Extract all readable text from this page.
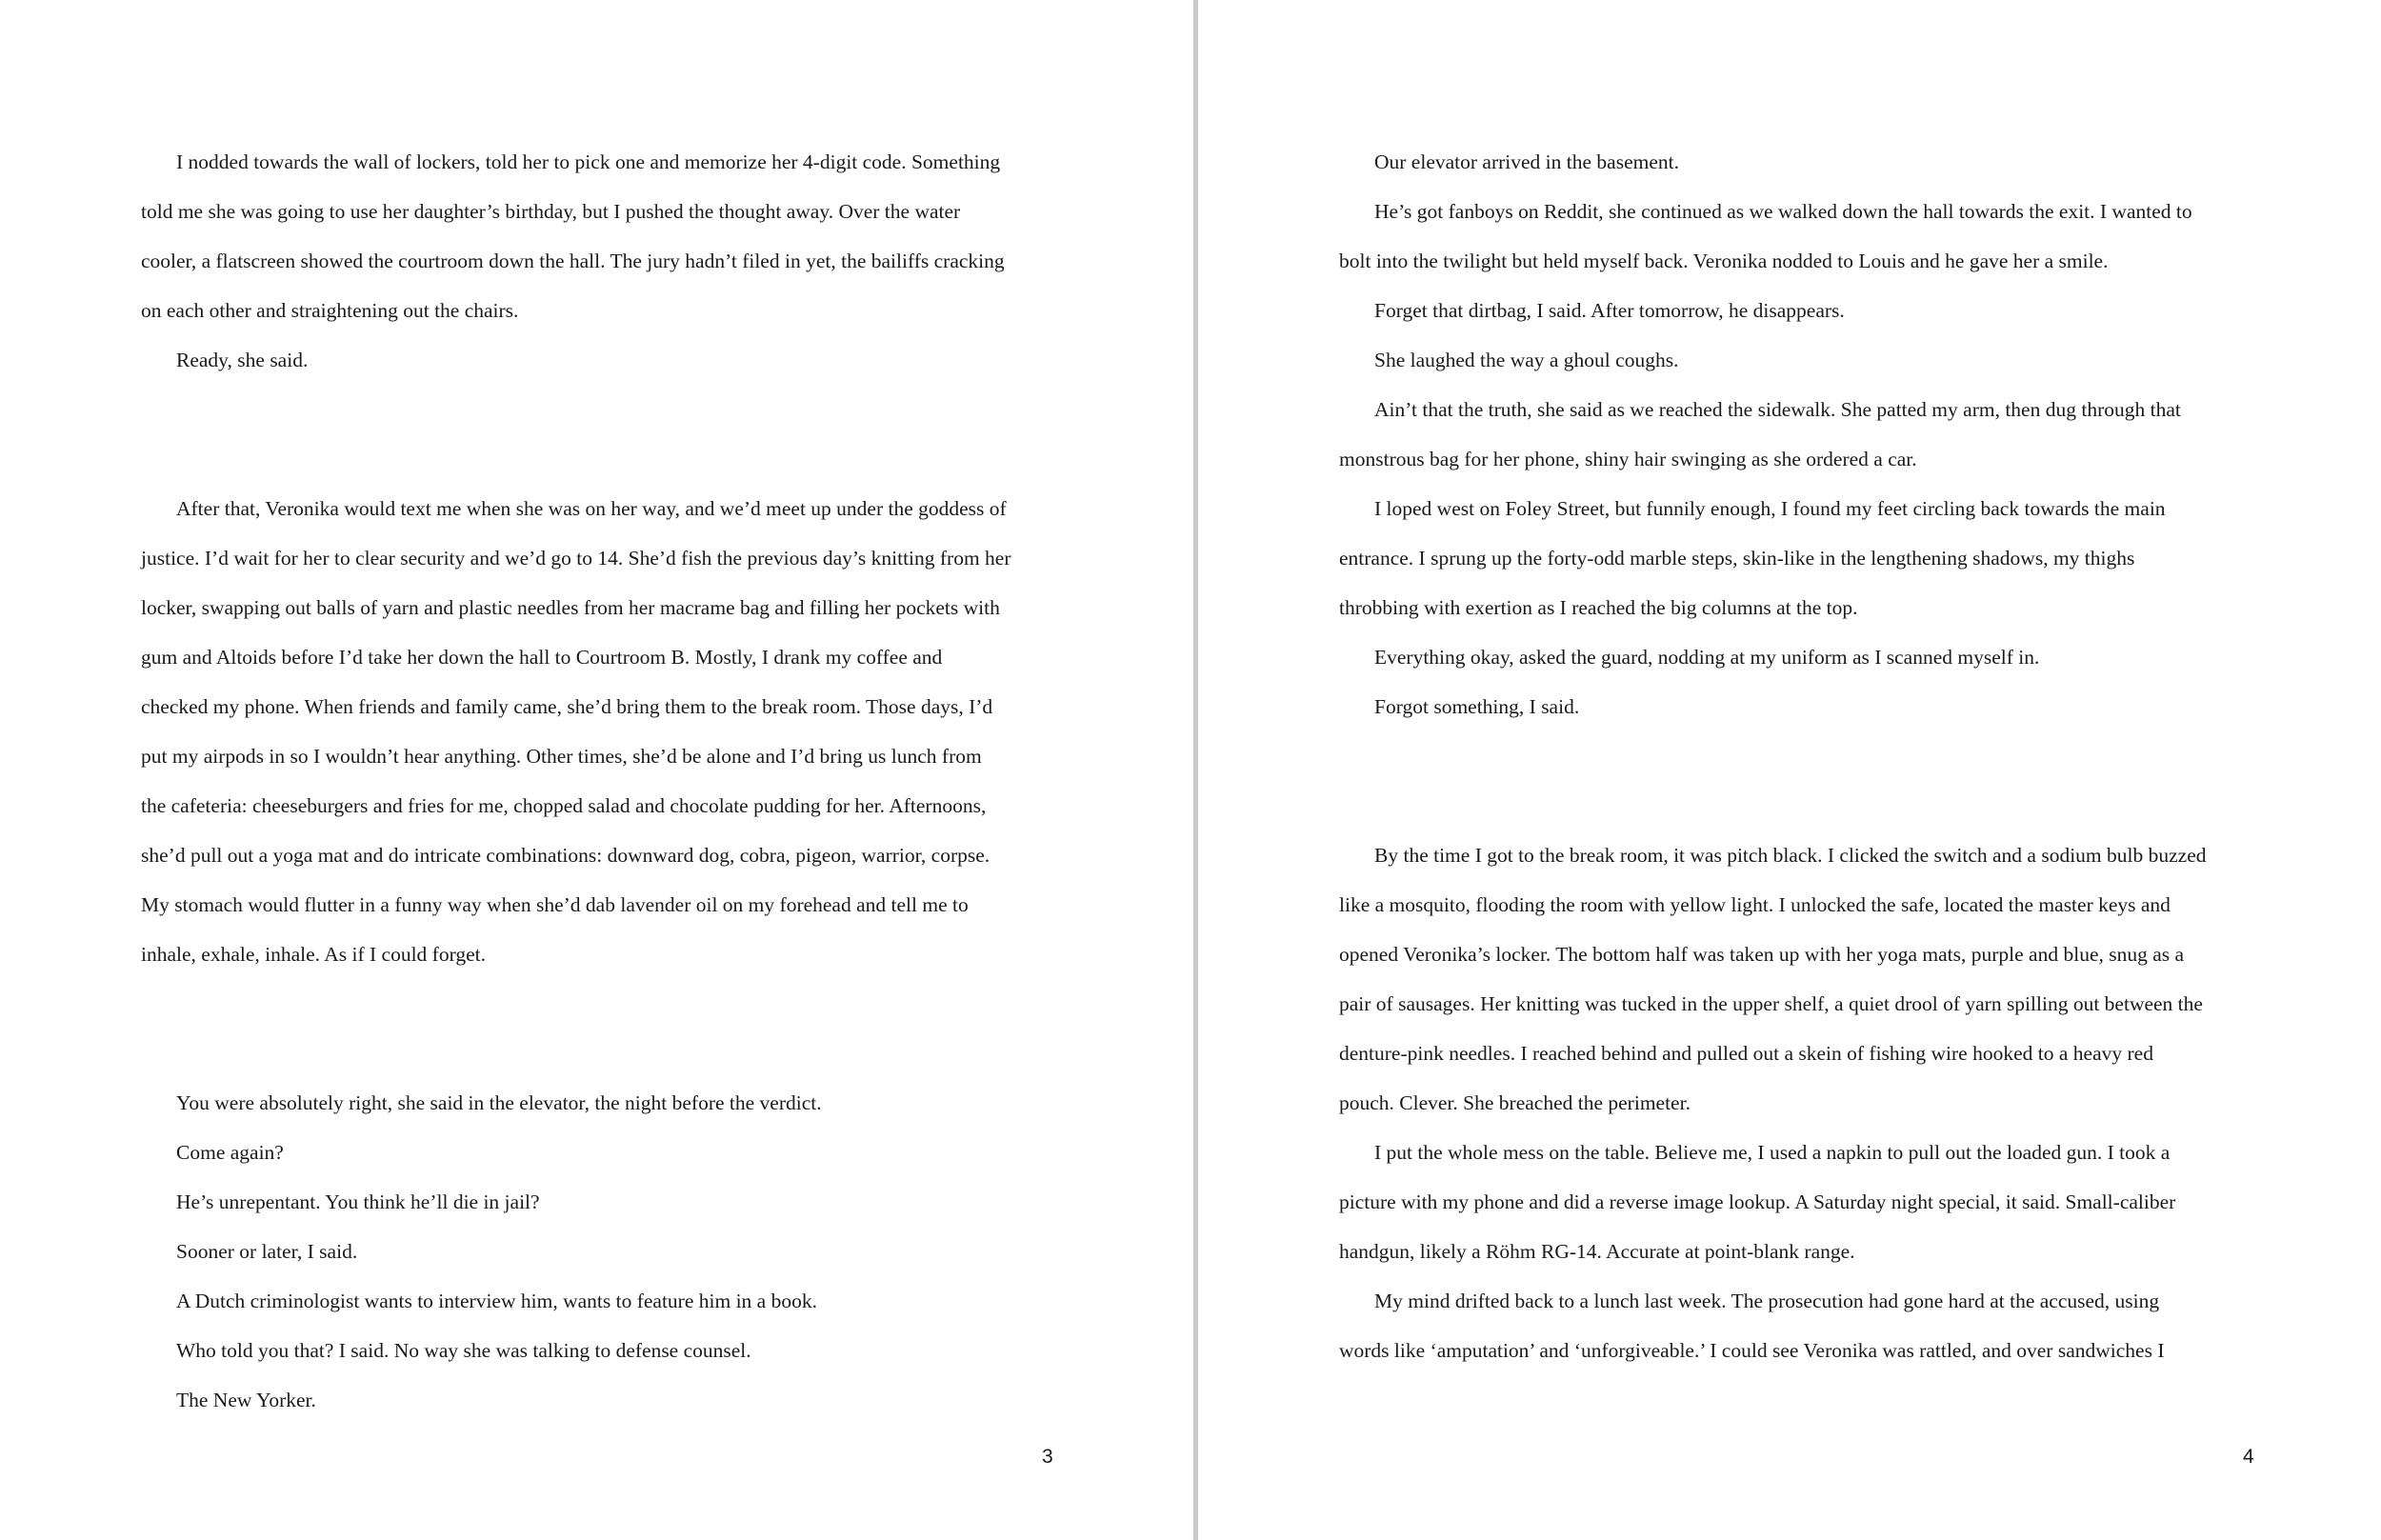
I nodded towards the wall of lockers, told her to pick one and memorize her 4-digit code. Something
told me she was going to use her daughter’s birthday, but I pushed the thought away. Over the water
cooler, a flatscreen showed the courtroom down the hall. The jury hadn’t filed in yet, the bailiffs cracking
on each other and straightening out the chairs.
Ready, she said.
After that, Veronika would text me when she was on her way, and we’d meet up under the goddess of
justice. I’d wait for her to clear security and we’d go to 14. She’d fish the previous day’s knitting from her
locker, swapping out balls of yarn and plastic needles from her macrame bag and filling her pockets with
gum and Altoids before I’d take her down the hall to Courtroom B. Mostly, I drank my coffee and
checked my phone. When friends and family came, she’d bring them to the break room. Those days, I’d
put my airpods in so I wouldn’t hear anything. Other times, she’d be alone and I’d bring us lunch from
the cafeteria: cheeseburgers and fries for me, chopped salad and chocolate pudding for her. Afternoons,
she’d pull out a yoga mat and do intricate combinations: downward dog, cobra, pigeon, warrior, corpse.
My stomach would flutter in a funny way when she’d dab lavender oil on my forehead and tell me to
inhale, exhale, inhale. As if I could forget.
You were absolutely right, she said in the elevator, the night before the verdict.
Come again?
He’s unrepentant. You think he’ll die in jail?
Sooner or later, I said.
A Dutch criminologist wants to interview him, wants to feature him in a book.
Who told you that? I said. No way she was talking to defense counsel.
The New Yorker.
3
Our elevator arrived in the basement.
He’s got fanboys on Reddit, she continued as we walked down the hall towards the exit. I wanted to
bolt into the twilight but held myself back. Veronika nodded to Louis and he gave her a smile.
Forget that dirtbag, I said. After tomorrow, he disappears.
She laughed the way a ghoul coughs.
Ain’t that the truth, she said as we reached the sidewalk. She patted my arm, then dug through that
monstrous bag for her phone, shiny hair swinging as she ordered a car.
I loped west on Foley Street, but funnily enough, I found my feet circling back towards the main
entrance. I sprung up the forty-odd marble steps, skin-like in the lengthening shadows, my thighs
throbbing with exertion as I reached the big columns at the top.
Everything okay, asked the guard, nodding at my uniform as I scanned myself in.
Forgot something, I said.
By the time I got to the break room, it was pitch black. I clicked the switch and a sodium bulb buzzed
like a mosquito, flooding the room with yellow light. I unlocked the safe, located the master keys and
opened Veronika’s locker. The bottom half was taken up with her yoga mats, purple and blue, snug as a
pair of sausages. Her knitting was tucked in the upper shelf, a quiet drool of yarn spilling out between the
denture-pink needles. I reached behind and pulled out a skein of fishing wire hooked to a heavy red
pouch. Clever. She breached the perimeter.
I put the whole mess on the table. Believe me, I used a napkin to pull out the loaded gun. I took a
picture with my phone and did a reverse image lookup. A Saturday night special, it said. Small-caliber
handgun, likely a Röhm RG-14. Accurate at point-blank range.
My mind drifted back to a lunch last week. The prosecution had gone hard at the accused, using
words like ‘amputation’ and ‘unforgiveable.’ I could see Veronika was rattled, and over sandwiches I
4
